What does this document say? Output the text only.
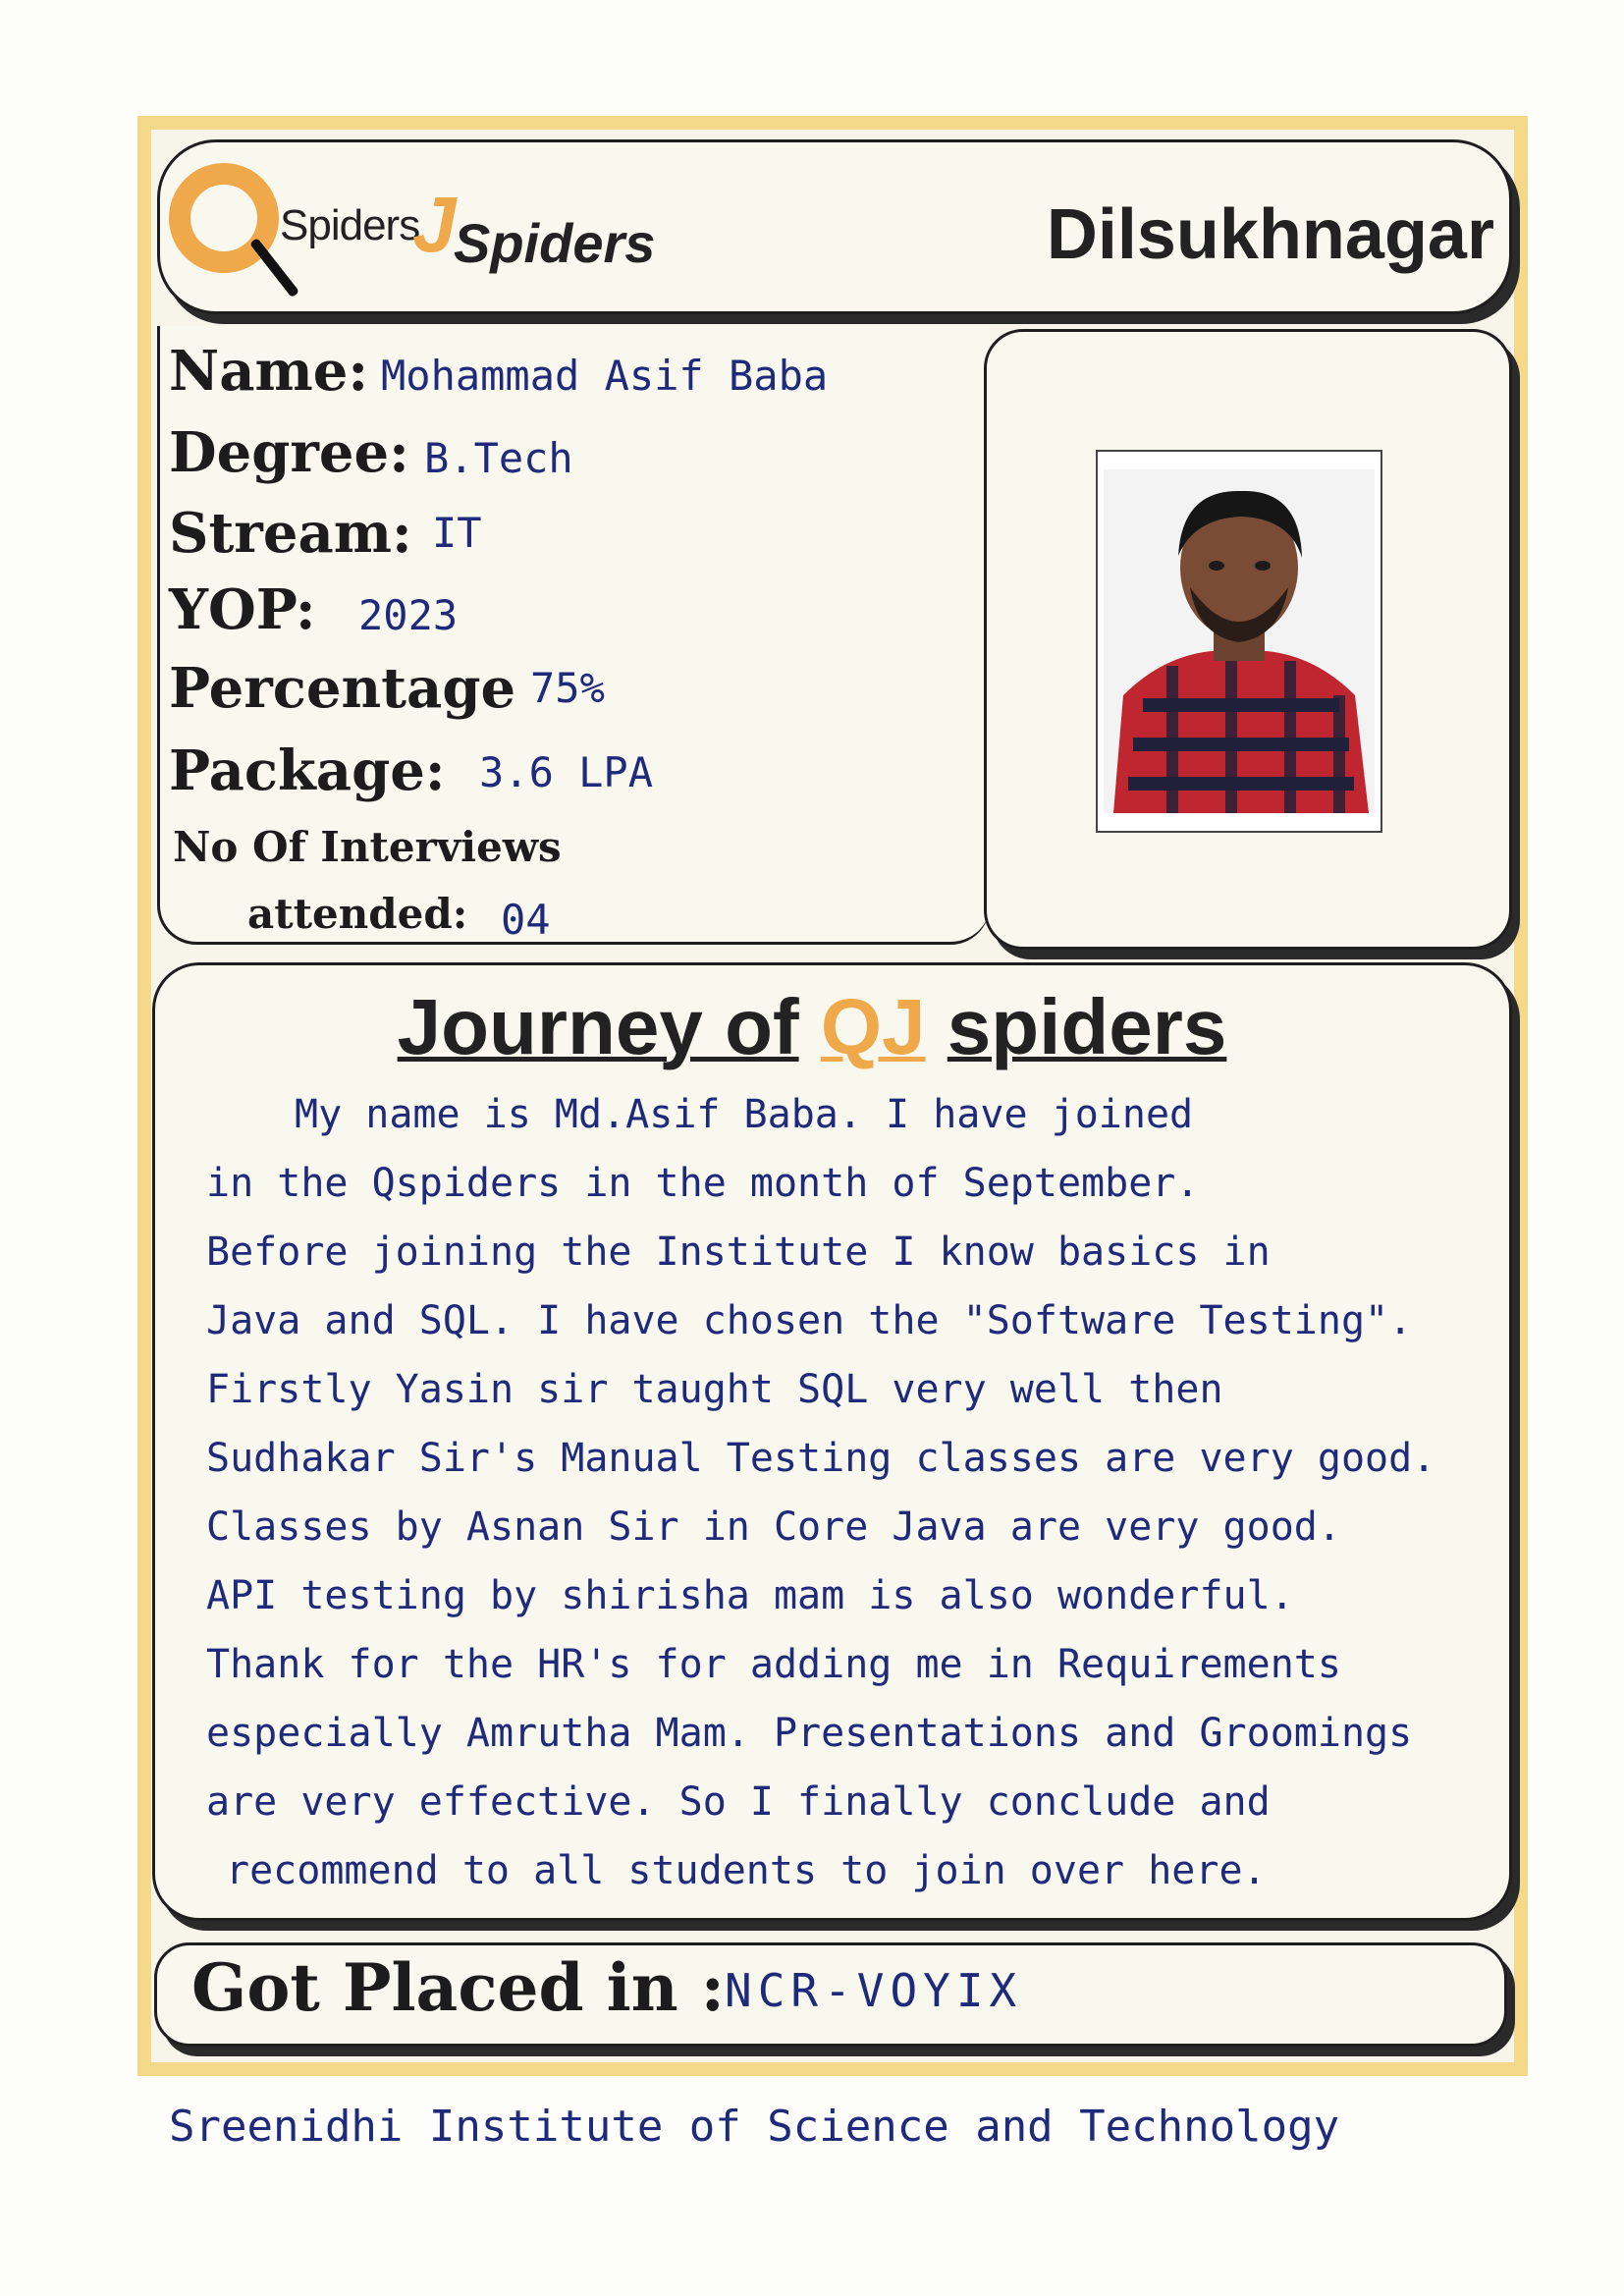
Spiders
J
Spiders	Dilsukhnagar
Name: Mohammad Asif Baba
Degree: B.Tech
Stream: IT
YOP: 2023
Percentage 75%
Package: 3.6 LPA
No Of Interviews
attended: 04
Journey of QJ spiders
My name is Md.Asif Baba. I have joined
in the Qspiders in the month of September.
Before joining the Institute I know basics in
Java and SQL. I have chosen the "Software Testing".
Firstly Yasin sir taught SQL very well then
Sudhakar Sir's Manual Testing classes are very good.
Classes by Asnan Sir in Core Java are very good.
API testing by shirisha mam is also wonderful.
Thank for the HR's for adding me in Requirements
especially Amrutha Mam. Presentations and Groomings
are very effective. So I finally conclude and
recommend to all students to join over here.
Got Placed in : NCR-VOYIX
Sreenidhi Institute of Science and Technology
